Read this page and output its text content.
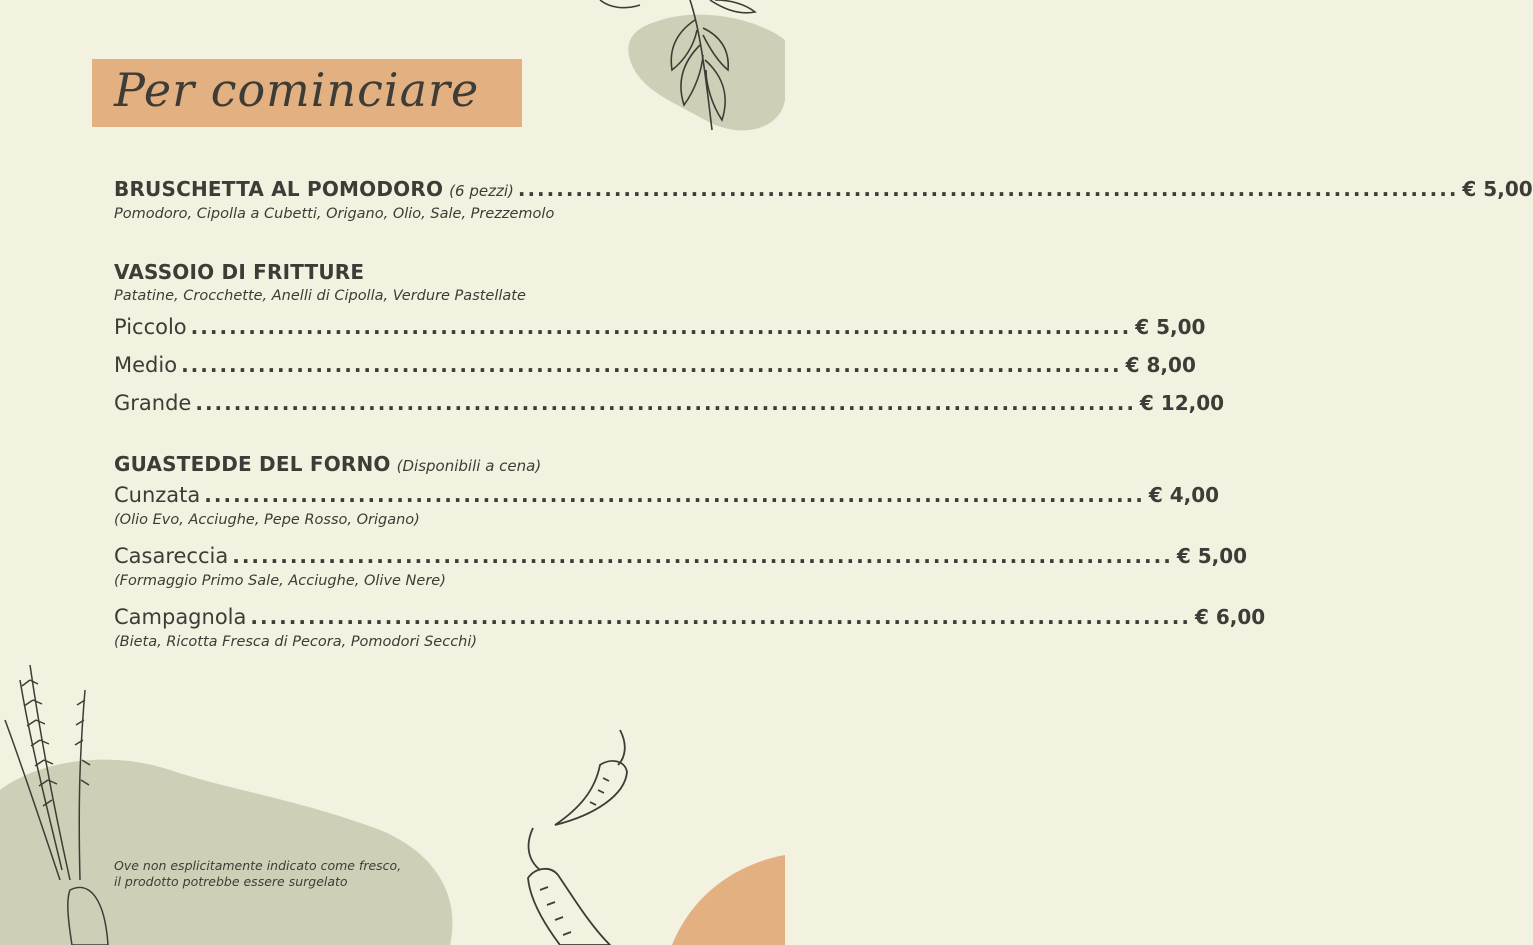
Per cominciare
BRUSCHETTA AL POMODORO (6 pezzi) .................................................................................................. € 5,00
Pomodoro, Cipolla a Cubetti, Origano, Olio, Sale, Prezzemolo
VASSOIO DI FRITTURE
Patatine, Crocchette, Anelli di Cipolla, Verdure Pastellate
Piccolo .................................................................................................. € 5,00
Medio .................................................................................................. € 8,00
Grande .................................................................................................. € 12,00
GUASTEDDE DEL FORNO (Disponibili a cena)
Cunzata .................................................................................................. € 4,00
(Olio Evo, Acciughe, Pepe Rosso, Origano)
Casareccia .................................................................................................. € 5,00
(Formaggio Primo Sale, Acciughe, Olive Nere)
Campagnola .................................................................................................. € 6,00
(Bieta, Ricotta Fresca di Pecora, Pomodori Secchi)
Ove non esplicitamente indicato come fresco,
il prodotto potrebbe essere surgelato
